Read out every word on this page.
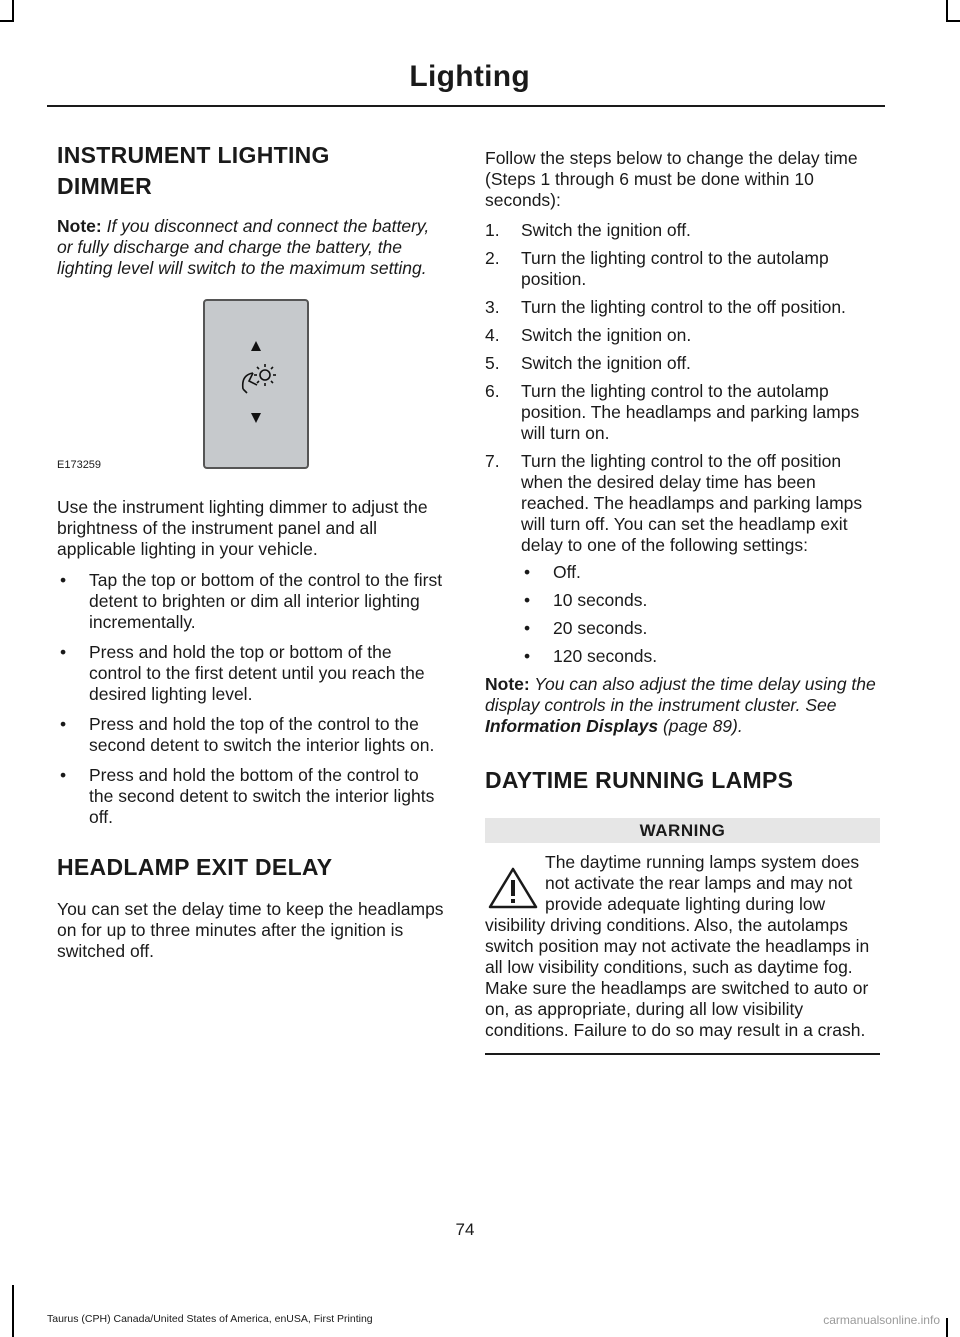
Lighting
INSTRUMENT LIGHTING
DIMMER

Note: If you disconnect and connect the battery, or fully discharge and charge the battery, the lighting level will switch to the maximum setting.

E173259

Use the instrument lighting dimmer to adjust the brightness of the instrument panel and all applicable lighting in your vehicle.

• Tap the top or bottom of the control to the first detent to brighten or dim all interior lighting incrementally.
• Press and hold the top or bottom of the control to the first detent until you reach the desired lighting level.
• Press and hold the top of the control to the second detent to switch the interior lights on.
• Press and hold the bottom of the control to the second detent to switch the interior lights off.
HEADLAMP EXIT DELAY

You can set the delay time to keep the headlamps on for up to three minutes after the ignition is switched off.

Follow the steps below to change the delay time (Steps 1 through 6 must be done within 10 seconds):

1. Switch the ignition off.
2. Turn the lighting control to the autolamp position.
3. Turn the lighting control to the off position.
4. Switch the ignition on.
5. Switch the ignition off.
6. Turn the lighting control to the autolamp position. The headlamps and parking lamps will turn on.
7. Turn the lighting control to the off position when the desired delay time has been reached. The headlamps and parking lamps will turn off. You can set the headlamp exit delay to one of the following settings:
• Off.
• 10 seconds.
• 20 seconds.
• 120 seconds.

Note: You can also adjust the time delay using the display controls in the instrument cluster. See Information Displays (page 89).

DAYTIME RUNNING LAMPS
WARNING
The daytime running lamps system does not activate the rear lamps and may not provide adequate lighting during low visibility driving conditions. Also, the autolamps switch position may not activate the headlamps in all low visibility conditions, such as daytime fog. Make sure the headlamps are switched to auto or on, as appropriate, during all low visibility conditions. Failure to do so may result in a crash.
74
Taurus (CPH) Canada/United States of America, enUSA, First Printing	carmanualsonline.info
